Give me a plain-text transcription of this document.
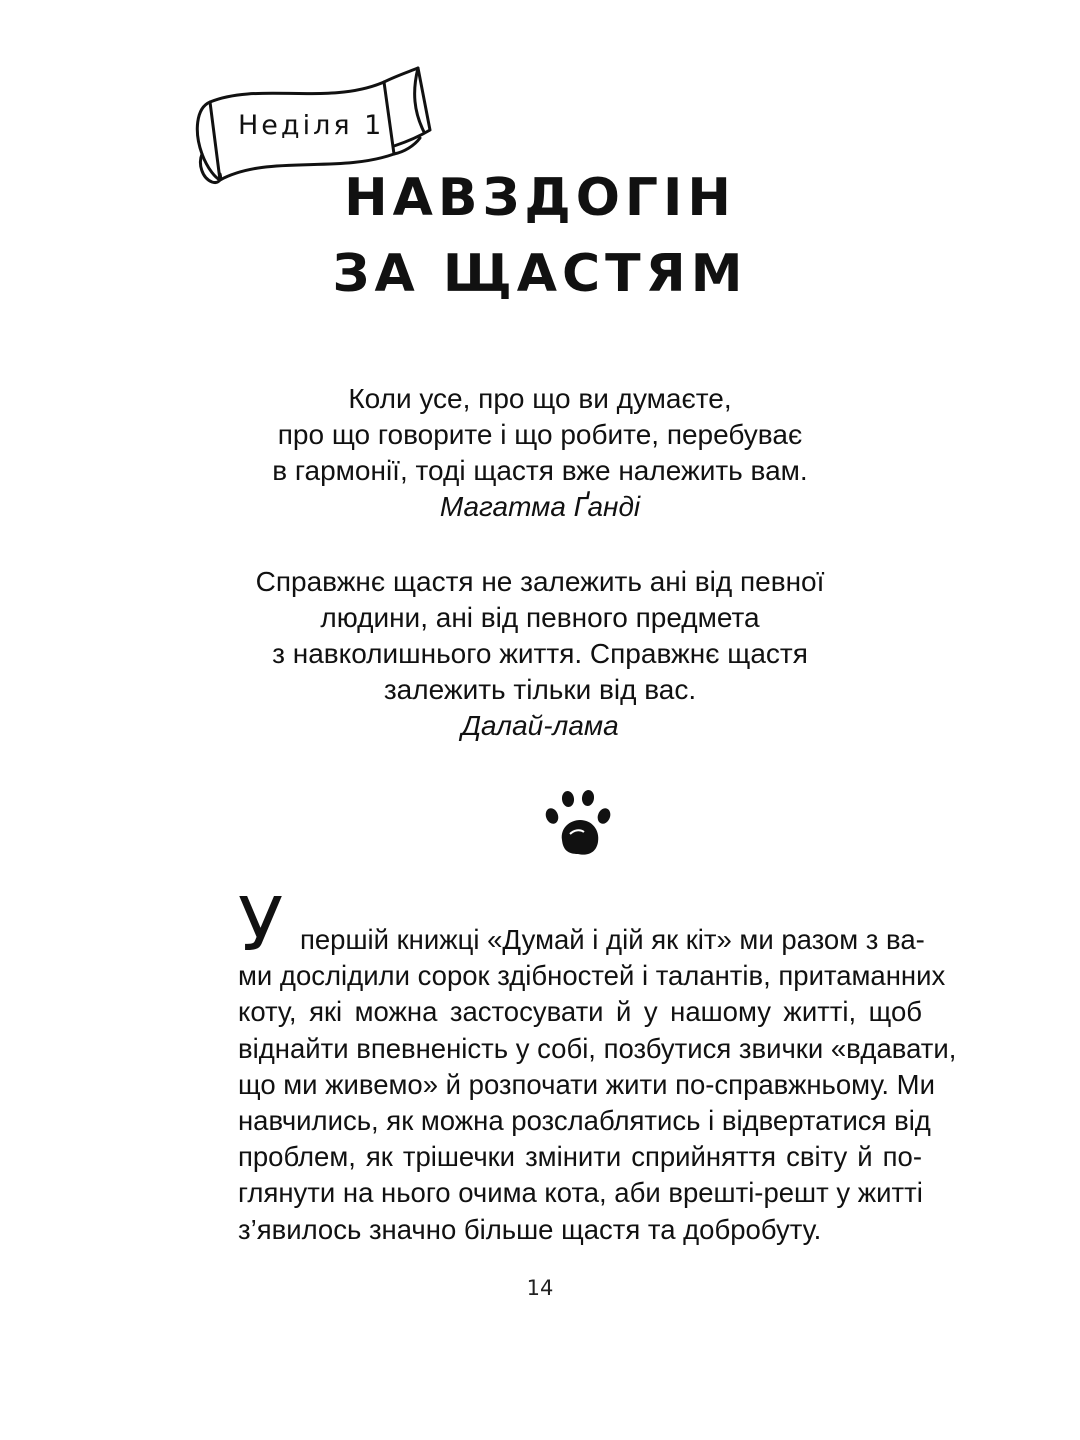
Неділя 1
НАВЗДОГІН
ЗА ЩАСТЯМ
Коли усе, про що ви думаєте,
про що говорите і що робите, перебуває
в гармонії, тоді щастя вже належить вам.
Магатма Ґанді
Справжнє щастя не залежить ані від певної
людини, ані від певного предмета
з навколишнього життя. Справжнє щастя
залежить тільки від вас.
Далай-лама
У першій книжці «Думай і дій як кіт» ми разом з ва-
ми дослідили сорок здібностей і талантів, притаманних
коту, які можна застосувати й у нашому житті, щоб
віднайти впевненість у собі, позбутися звички «вдавати,
що ми живемо» й розпочати жити по-справжньому. Ми
навчились, як можна розслаблятись і відвертатися від
проблем, як трішечки змінити сприйняття світу й по-
глянути на нього очима кота, аби врешті-решт у житті
з’явилось значно більше щастя та добробуту.
14
